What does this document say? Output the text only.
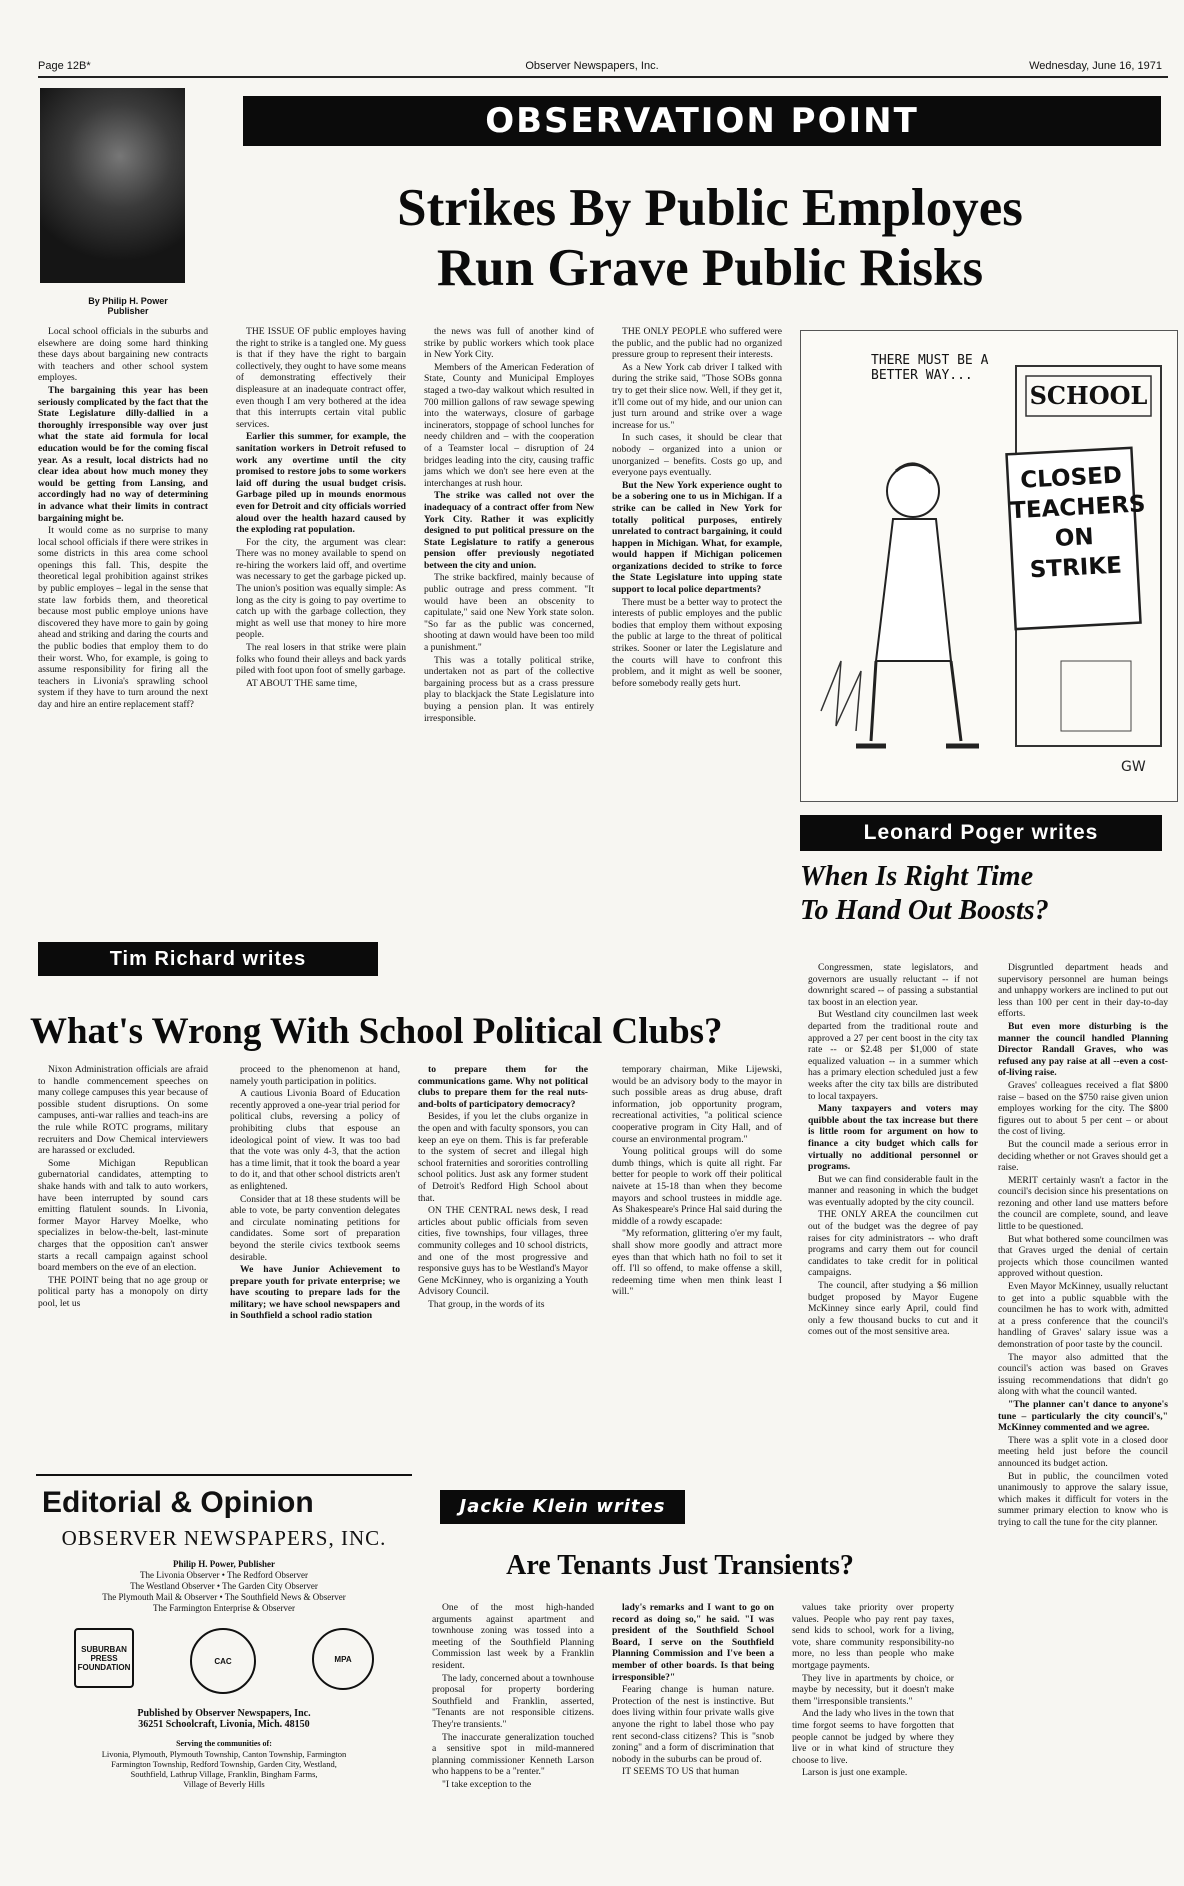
Page 12B*	Observer Newspapers, Inc.	Wednesday, June 16, 1971
OBSERVATION POINT
By Philip H. Power
Publisher
Strikes By Public Employes
Run Grave Public Risks

Local school officials in the suburbs and elsewhere are doing some hard thinking these days about bargaining new contracts with teachers and other school system employes.

The bargaining this year has been seriously complicated by the fact that the State Legislature dilly-dallied in a thoroughly irresponsible way over just what the state aid formula for local education would be for the coming fiscal year. As a result, local districts had no clear idea about how much money they would be getting from Lansing, and accordingly had no way of determining in advance what their limits in contract bargaining might be.

It would come as no surprise to many local school officials if there were strikes in some districts in this area come school openings this fall. This, despite the theoretical legal prohibition against strikes by public employes – legal in the sense that state law forbids them, and theoretical because most public employe unions have discovered they have more to gain by going ahead and striking and daring the courts and the public bodies that employ them to do their worst. Who, for example, is going to assume responsibility for firing all the teachers in Livonia's sprawling school system if they have to turn around the next day and hire an entire replacement staff?

THE ISSUE OF public employes having the right to strike is a tangled one. My guess is that if they have the right to bargain collectively, they ought to have some means of demonstrating effectively their displeasure at an inadequate contract offer, even though I am very bothered at the idea that this interrupts certain vital public services.

Earlier this summer, for example, the sanitation workers in Detroit refused to work any overtime until the city promised to restore jobs to some workers laid off during the usual budget crisis. Garbage piled up in mounds enormous even for Detroit and city officials worried aloud over the health hazard caused by the exploding rat population.

For the city, the argument was clear: There was no money available to spend on re-hiring the workers laid off, and overtime was necessary to get the garbage picked up. The union's position was equally simple: As long as the city is going to pay overtime to catch up with the garbage collection, they might as well use that money to hire more people.

The real losers in that strike were plain folks who found their alleys and back yards piled with foot upon foot of smelly garbage.

AT ABOUT THE same time,

the news was full of another kind of strike by public workers which took place in New York City.

Members of the American Federation of State, County and Municipal Employes staged a two-day walkout which resulted in 700 million gallons of raw sewage spewing into the waterways, closure of garbage incinerators, stoppage of school lunches for needy children and – with the cooperation of a Teamster local – disruption of 24 bridges leading into the city, causing traffic jams which we don't see here even at the interchanges at rush hour.

The strike was called not over the inadequacy of a contract offer from New York City. Rather it was explicitly designed to put political pressure on the State Legislature to ratify a generous pension offer previously negotiated between the city and union.

The strike backfired, mainly because of public outrage and press comment. "It would have been an obscenity to capitulate," said one New York state solon. "So far as the public was concerned, shooting at dawn would have been too mild a punishment."

This was a totally political strike, undertaken not as part of the collective bargaining process but as a crass pressure play to blackjack the State Legislature into buying a pension plan. It was entirely irresponsible.

THE ONLY PEOPLE who suffered were the public, and the public had no organized pressure group to represent their interests.

As a New York cab driver I talked with during the strike said, "Those SOBs gonna try to get their slice now. Well, if they get it, it'll come out of my hide, and our union can just turn around and strike over a wage increase for us."

In such cases, it should be clear that nobody – organized into a union or unorganized – benefits. Costs go up, and everyone pays eventually.

But the New York experience ought to be a sobering one to us in Michigan. If a strike can be called in New York for totally political purposes, entirely unrelated to contract bargaining, it could happen in Michigan. What, for example, would happen if Michigan policemen organizations decided to strike to force the State Legislature into upping state support to local police departments?

There must be a better way to protect the interests of public employes and the public bodies that employ them without exposing the public at large to the threat of political strikes. Sooner or later the Legislature and the courts will have to confront this problem, and it might as well be sooner, before somebody really gets hurt.

GW
THERE MUST BE A BETTER WAY...
SCHOOL
CLOSED
TEACHERS
ON
STRIKE
Leonard Poger writes
When Is Right Time
To Hand Out Boosts?

Congressmen, state legislators, and governors are usually reluctant -- if not downright scared -- of passing a substantial tax boost in an election year.

But Westland city councilmen last week departed from the traditional route and approved a 27 per cent boost in the city tax rate -- or $2.48 per $1,000 of state equalized valuation -- in a summer which has a primary election scheduled just a few weeks after the city tax bills are distributed to local taxpayers.

Many taxpayers and voters may quibble about the tax increase but there is little room for argument on how to finance a city budget which calls for virtually no additional personnel or programs.

But we can find considerable fault in the manner and reasoning in which the budget was eventually adopted by the city council.

THE ONLY AREA the councilmen cut out of the budget was the degree of pay raises for city administrators -- who draft programs and carry them out for council candidates to take credit for in political campaigns.

The council, after studying a $6 million budget proposed by Mayor Eugene McKinney since early April, could find only a few thousand bucks to cut and it comes out of the most sensitive area.

Disgruntled department heads and supervisory personnel are human beings and unhappy workers are inclined to put out less than 100 per cent in their day-to-day efforts.

But even more disturbing is the manner the council handled Planning Director Randall Graves, who was refused any pay raise at all --even a cost-of-living raise.

Graves' colleagues received a flat $800 raise – based on the $750 raise given union employes working for the city. The $800 figures out to about 5 per cent – or about the cost of living.

But the council made a serious error in deciding whether or not Graves should get a raise.

MERIT certainly wasn't a factor in the council's decision since his presentations on rezoning and other land use matters before the council are complete, sound, and leave little to be questioned.

But what bothered some councilmen was that Graves urged the denial of certain projects which those councilmen wanted approved without question.

Even Mayor McKinney, usually reluctant to get into a public squabble with the councilmen he has to work with, admitted at a press conference that the council's handling of Graves' salary issue was a demonstration of poor taste by the council.

The mayor also admitted that the council's action was based on Graves issuing recommendations that didn't go along with what the council wanted.

"The planner can't dance to anyone's tune – particularly the city council's," McKinney commented and we agree.

There was a split vote in a closed door meeting held just before the council announced its budget action.

But in public, the councilmen voted unanimously to approve the salary issue, which makes it difficult for voters in the summer primary election to know who is trying to call the tune for the city planner.

Tim Richard writes
What's Wrong With School Political Clubs?

Nixon Administration officials are afraid to handle commencement speeches on many college campuses this year because of possible student disruptions. On some campuses, anti-war rallies and teach-ins are the rule while ROTC programs, military recruiters and Dow Chemical interviewers are harassed or excluded.

Some Michigan Republican gubernatorial candidates, attempting to shake hands with and talk to auto workers, have been interrupted by sound cars emitting flatulent sounds. In Livonia, former Mayor Harvey Moelke, who specializes in below-the-belt, last-minute charges that the opposition can't answer starts a recall campaign against school board members on the eve of an election.

THE POINT being that no age group or political party has a monopoly on dirty pool, let us

proceed to the phenomenon at hand, namely youth participation in politics.

A cautious Livonia Board of Education recently approved a one-year trial period for political clubs, reversing a policy of prohibiting clubs that espouse an ideological point of view. It was too bad that the vote was only 4-3, that the action has a time limit, that it took the board a year to do it, and that other school districts aren't as enlightened.

Consider that at 18 these students will be able to vote, be party convention delegates and circulate nominating petitions for candidates. Some sort of preparation beyond the sterile civics textbook seems desirable.

We have Junior Achievement to prepare youth for private enterprise; we have scouting to prepare lads for the military; we have school newspapers and in Southfield a school radio station

to prepare them for the communications game. Why not political clubs to prepare them for the real nuts-and-bolts of participatory democracy?

Besides, if you let the clubs organize in the open and with faculty sponsors, you can keep an eye on them. This is far preferable to the system of secret and illegal high school fraternities and sororities controlling school politics. Just ask any former student of Detroit's Redford High School about that.

ON THE CENTRAL news desk, I read articles about public officials from seven cities, five townships, four villages, three community colleges and 10 school districts, and one of the most progressive and responsive guys has to be Westland's Mayor Gene McKinney, who is organizing a Youth Advisory Council.

That group, in the words of its

temporary chairman, Mike Lijewski, would be an advisory body to the mayor in such possible areas as drug abuse, draft information, job opportunity program, recreational activities, "a political science cooperative program in City Hall, and of course an environmental program."

Young political groups will do some dumb things, which is quite all right. Far better for people to work off their political naivete at 15-18 than when they become mayors and school trustees in middle age. As Shakespeare's Prince Hal said during the middle of a rowdy escapade:

"My reformation, glittering o'er my fault, shall show more goodly and attract more eyes than that which hath no foil to set it off. I'll so offend, to make offense a skill, redeeming time when men think least I will."

Editorial & Opinion
OBSERVER NEWSPAPERS, INC.
Philip H. Power, Publisher
The Livonia Observer • The Redford Observer
The Westland Observer • The Garden City Observer
The Plymouth Mail & Observer • The Southfield News & Observer
The Farmington Enterprise & Observer
SUBURBAN PRESS FOUNDATION
CAC	MPA
Published by Observer Newspapers, Inc.
36251 Schoolcraft, Livonia, Mich. 48150
Serving the communities of:
Livonia, Plymouth, Plymouth Township, Canton Township, Farmington
Farmington Township, Redford Township, Garden City, Westland,
Southfield, Lathrup Village, Franklin, Bingham Farms,
Village of Beverly Hills
Jackie Klein writes
Are Tenants Just Transients?

One of the most high-handed arguments against apartment and townhouse zoning was tossed into a meeting of the Southfield Planning Commission last week by a Franklin resident.

The lady, concerned about a townhouse proposal for property bordering Southfield and Franklin, asserted, "Tenants are not responsible citizens. They're transients."

The inaccurate generalization touched a sensitive spot in mild-mannered planning commissioner Kenneth Larson who happens to be a "renter."

"I take exception to the

lady's remarks and I want to go on record as doing so," he said. "I was president of the Southfield School Board, I serve on the Southfield Planning Commission and I've been a member of other boards. Is that being irresponsible?"

Fearing change is human nature. Protection of the nest is instinctive. But does living within four private walls give anyone the right to label those who pay rent second-class citizens? This is "snob zoning" and a form of discrimination that nobody in the suburbs can be proud of.

IT SEEMS TO US that human

values take priority over property values. People who pay rent pay taxes, send kids to school, work for a living, vote, share community responsibility-no more, no less than people who make mortgage payments.

They live in apartments by choice, or maybe by necessity, but it doesn't make them "irresponsible transients."

And the lady who lives in the town that time forgot seems to have forgotten that people cannot be judged by where they live or in what kind of structure they choose to live.

Larson is just one example.
